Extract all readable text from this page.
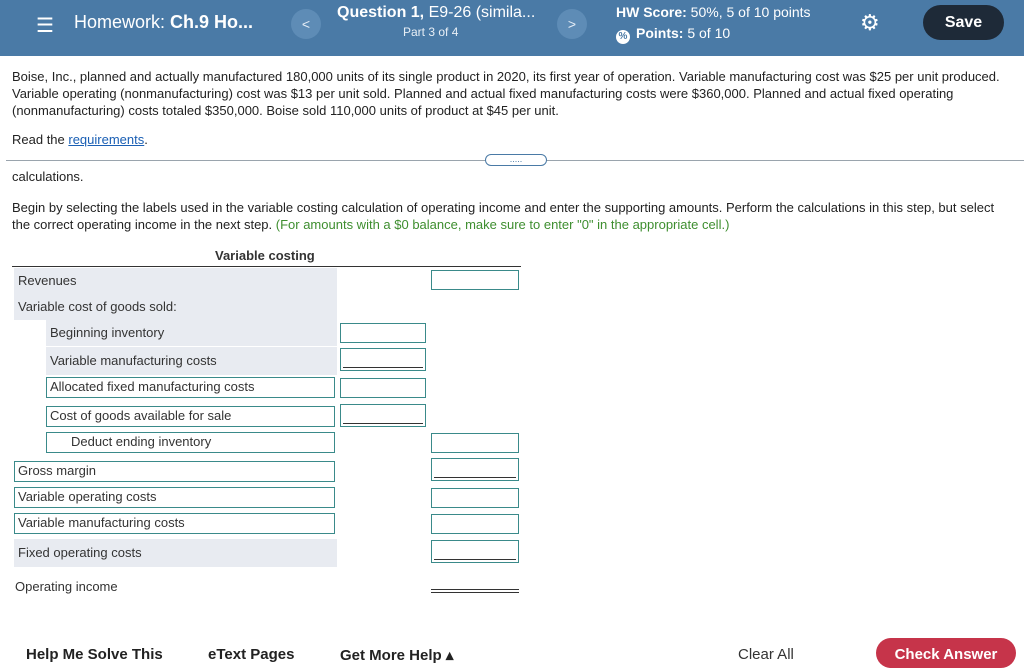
☰ Homework: Ch.9 Ho...	<
Question 1, E9-26 (simila...
Part 3 of 4	>
HW Score: 50%, 5 of 10 points
% Points: 5 of 10	⚙	Save
Boise, Inc., planned and actually manufactured 180,000 units of its single product in 2020, its first year of operation. Variable manufacturing cost was $25 per unit produced. Variable operating (nonmanufacturing) cost was $13 per unit sold. Planned and actual fixed manufacturing costs were $360,000. Planned and actual fixed operating (nonmanufacturing) costs totaled $350,000. Boise sold 110,000 units of product at $45 per unit.
Read the requirements.
.....
calculations.
Begin by selecting the labels used in the variable costing calculation of operating income and enter the supporting amounts. Perform the calculations in this step, but select the correct operating income in the next step. (For amounts with a $0 balance, make sure to enter "0" in the appropriate cell.)
Variable costing
Revenues
Variable cost of goods sold:
Beginning inventory
Variable manufacturing costs
Allocated fixed manufacturing costs
Cost of goods available for sale
Deduct ending inventory
Gross margin
Variable operating costs
Variable manufacturing costs
Fixed operating costs
Operating income
Help Me Solve This	eText Pages	Get More Help ▴	Clear All	Check Answer
